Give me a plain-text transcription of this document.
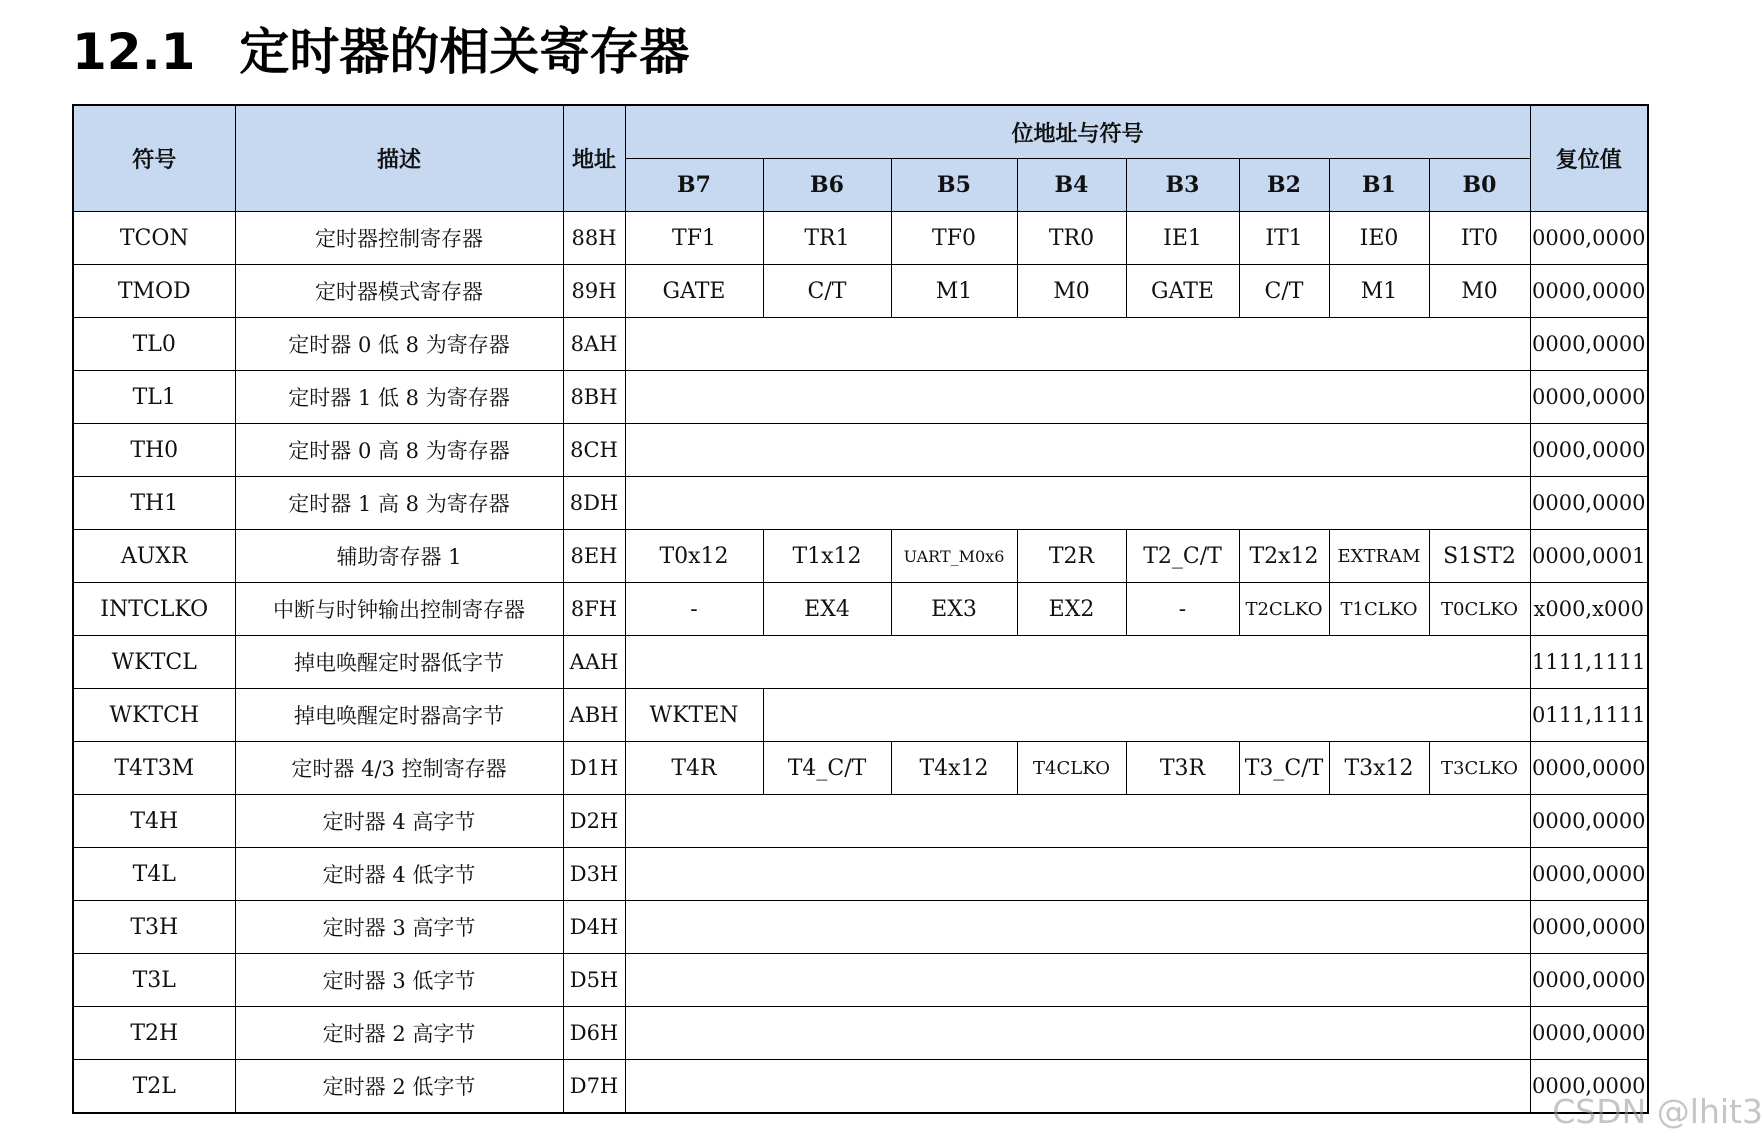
12.1 定时器的相关寄存器
符号	描述	地址	位地址与符号								复位值
			B7	B6	B5	B4	B3	B2	B1	B0	
TCON	定时器控制寄存器	88H	TF1	TR1	TF0	TR0	IE1	IT1	IE0	IT0	0000,0000
TMOD	定时器模式寄存器	89H	GATE	C/T	M1	M0	GATE	C/T	M1	M0	0000,0000
TL0	定时器 0 低 8 为寄存器	8AH									0000,0000
TL1	定时器 1 低 8 为寄存器	8BH									0000,0000
TH0	定时器 0 高 8 为寄存器	8CH									0000,0000
TH1	定时器 1 高 8 为寄存器	8DH									0000,0000
AUXR	辅助寄存器 1	8EH	T0x12	T1x12	UART_M0x6	T2R	T2_C/T	T2x12	EXTRAM	S1ST2	0000,0001
INTCLKO	中断与时钟输出控制寄存器	8FH	-	EX4	EX3	EX2	-	T2CLKO	T1CLKO	T0CLKO	x000,x000
WKTCL	掉电唤醒定时器低字节	AAH									1111,1111
WKTCH	掉电唤醒定时器高字节	ABH	WKTEN								0111,1111
T4T3M	定时器 4/3 控制寄存器	D1H	T4R	T4_C/T	T4x12	T4CLKO	T3R	T3_C/T	T3x12	T3CLKO	0000,0000
T4H	定时器 4 高字节	D2H									0000,0000
T4L	定时器 4 低字节	D3H									0000,0000
T3H	定时器 3 高字节	D4H									0000,0000
T3L	定时器 3 低字节	D5H									0000,0000
T2H	定时器 2 高字节	D6H									0000,0000
T2L	定时器 2 低字节	D7H									0000,0000
CSDN @lhit3
